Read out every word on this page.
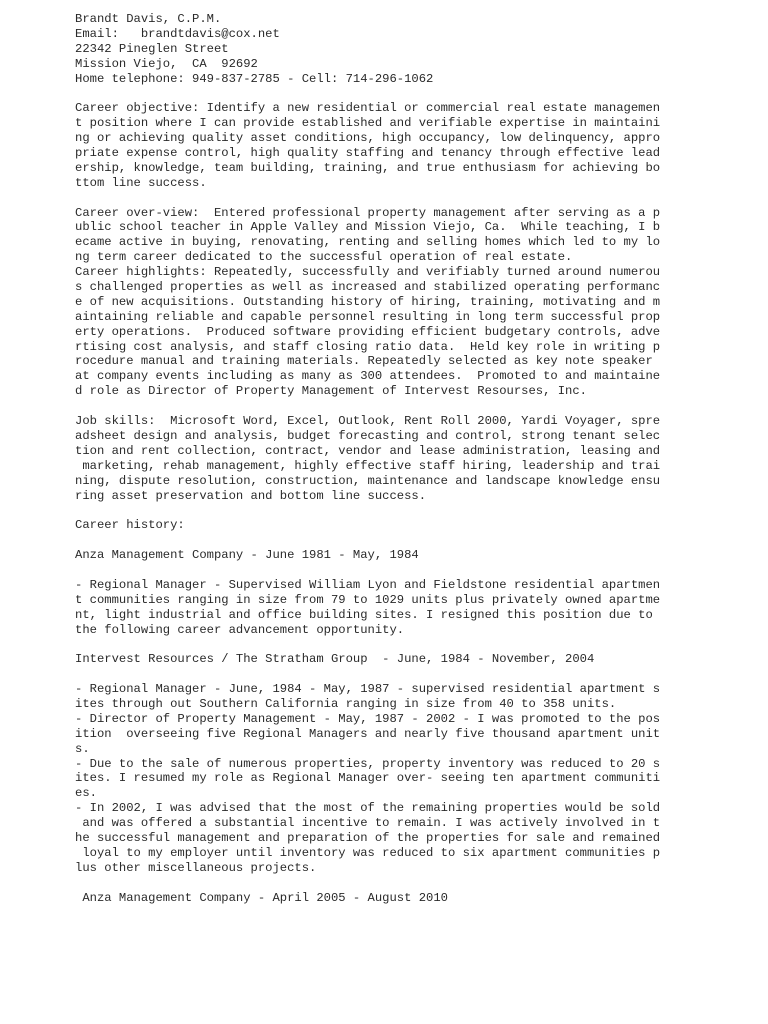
Brandt Davis, C.P.M.
Email:   brandtdavis@cox.net
22342 Pineglen Street
Mission Viejo,  CA  92692
Home telephone: 949-837-2785 - Cell: 714-296-1062
Career objective: Identify a new residential or commercial real estate managemen
t position where I can provide established and verifiable expertise in maintaini
ng or achieving quality asset conditions, high occupancy, low delinquency, appro
priate expense control, high quality staffing and tenancy through effective lead
ership, knowledge, team building, training, and true enthusiasm for achieving bo
ttom line success.
Career over-view:  Entered professional property management after serving as a p
ublic school teacher in Apple Valley and Mission Viejo, Ca.  While teaching, I b
ecame active in buying, renovating, renting and selling homes which led to my lo
ng term career dedicated to the successful operation of real estate.
Career highlights: Repeatedly, successfully and verifiably turned around numerou
s challenged properties as well as increased and stabilized operating performanc
e of new acquisitions. Outstanding history of hiring, training, motivating and m
aintaining reliable and capable personnel resulting in long term successful prop
erty operations.  Produced software providing efficient budgetary controls, adve
rtising cost analysis, and staff closing ratio data.  Held key role in writing p
rocedure manual and training materials. Repeatedly selected as key note speaker
at company events including as many as 300 attendees.  Promoted to and maintaine
d role as Director of Property Management of Intervest Resourses, Inc.
Job skills:  Microsoft Word, Excel, Outlook, Rent Roll 2000, Yardi Voyager, spre
adsheet design and analysis, budget forecasting and control, strong tenant selec
tion and rent collection, contract, vendor and lease administration, leasing and
marketing, rehab management, highly effective staff hiring, leadership and trai
ning, dispute resolution, construction, maintenance and landscape knowledge ensu
ring asset preservation and bottom line success.
Career history:
Anza Management Company - June 1981 - May, 1984
- Regional Manager - Supervised William Lyon and Fieldstone residential apartmen
t communities ranging in size from 79 to 1029 units plus privately owned apartme
nt, light industrial and office building sites. I resigned this position due to
the following career advancement opportunity.
Intervest Resources / The Stratham Group  - June, 1984 - November, 2004
- Regional Manager - June, 1984 - May, 1987 - supervised residential apartment s
ites through out Southern California ranging in size from 40 to 358 units.
- Director of Property Management - May, 1987 - 2002 - I was promoted to the pos
ition  overseeing five Regional Managers and nearly five thousand apartment unit
s.
- Due to the sale of numerous properties, property inventory was reduced to 20 s
ites. I resumed my role as Regional Manager over- seeing ten apartment communiti
es.
- In 2002, I was advised that the most of the remaining properties would be sold
and was offered a substantial incentive to remain. I was actively involved in t
he successful management and preparation of the properties for sale and remained
loyal to my employer until inventory was reduced to six apartment communities p
lus other miscellaneous projects.
Anza Management Company - April 2005 - August 2010
